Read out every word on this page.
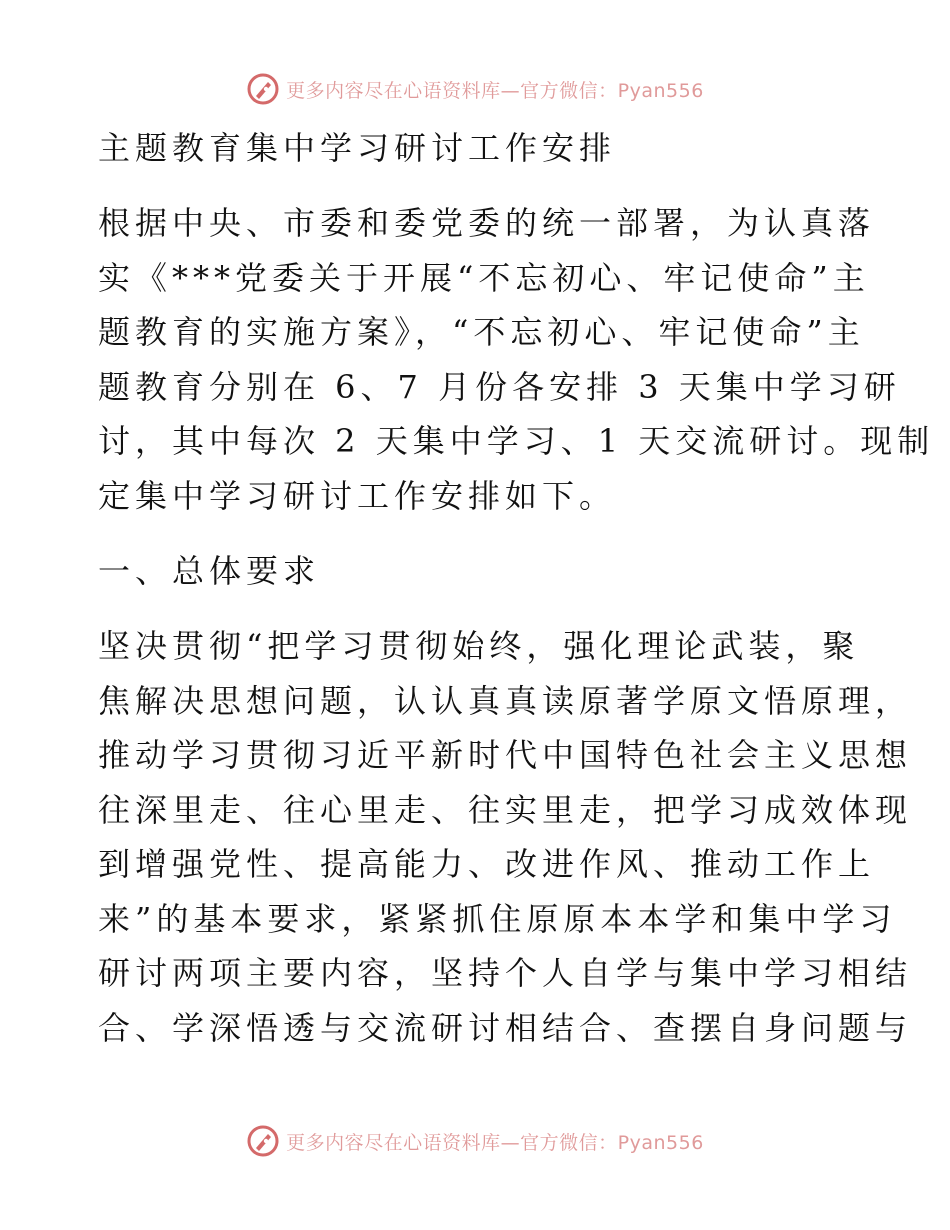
更多内容尽在心语资料库—官方微信：Pyan556
主题教育集中学习研讨工作安排
根据中央、市委和委党委的统一部署，为认真落
实《***党委关于开展“不忘初心、牢记使命”主
题教育的实施方案》，“不忘初心、牢记使命”主
题教育分别在 6、7 月份各安排 3 天集中学习研
讨，其中每次 2 天集中学习、1 天交流研讨。现制
定集中学习研讨工作安排如下。
一、总体要求
坚决贯彻“把学习贯彻始终，强化理论武装，聚
焦解决思想问题，认认真真读原著学原文悟原理，
推动学习贯彻习近平新时代中国特色社会主义思想
往深里走、往心里走、往实里走，把学习成效体现
到增强党性、提高能力、改进作风、推动工作上
来”的基本要求，紧紧抓住原原本本学和集中学习
研讨两项主要内容，坚持个人自学与集中学习相结
合、学深悟透与交流研讨相结合、查摆自身问题与
更多内容尽在心语资料库—官方微信：Pyan556
